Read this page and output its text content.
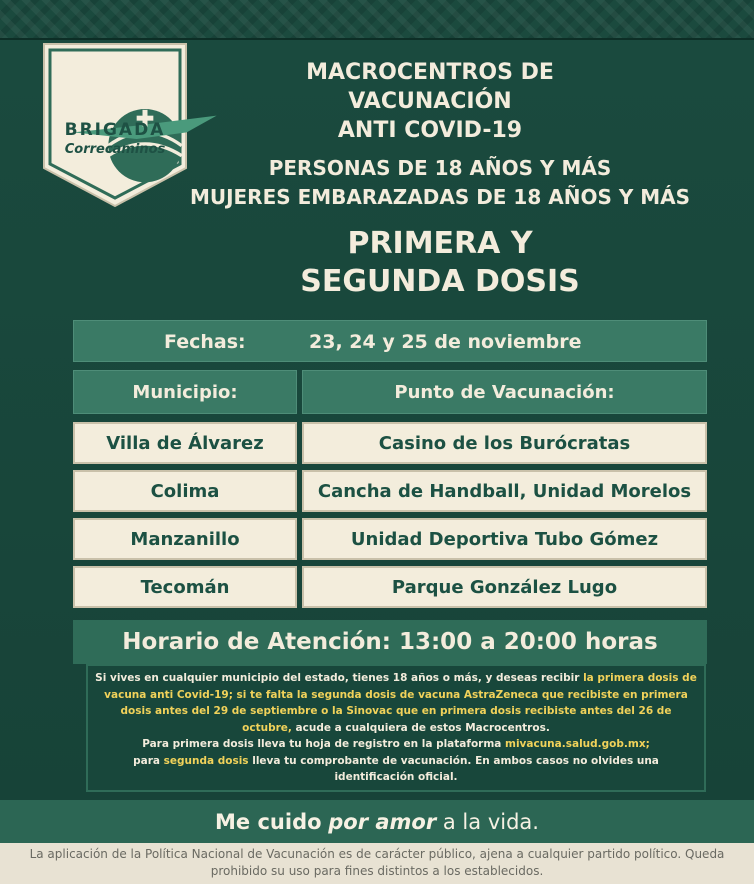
BRIGADA
Correcaminos
MACROCENTROS DE
VACUNACIÓN
ANTI COVID-19
PERSONAS DE 18 AÑOS Y MÁS
MUJERES EMBARAZADAS DE 18 AÑOS Y MÁS
PRIMERA Y
SEGUNDA DOSIS
Fechas:	23, 24 y 25 de noviembre
Municipio:	Punto de Vacunación:
Villa de Álvarez	Casino de los Burócratas
Colima	Cancha de Handball, Unidad Morelos
Manzanillo	Unidad Deportiva Tubo Gómez
Tecomán	Parque González Lugo
Horario de Atención: 13:00 a 20:00 horas
Si vives en cualquier municipio del estado, tienes 18 años o más, y deseas recibir la primera dosis de vacuna anti Covid-19; si te falta la segunda dosis de vacuna AstraZeneca que recibiste en primera dosis antes del 29 de septiembre o la Sinovac que en primera dosis recibiste antes del 26 de octubre, acude a cualquiera de estos Macrocentros.
Para primera dosis lleva tu hoja de registro en la plataforma mivacuna.salud.gob.mx;
para segunda dosis lleva tu comprobante de vacunación. En ambos casos no olvides una identificación oficial.
Me cuido
por amor
a la vida.
La aplicación de la Política Nacional de Vacunación es de carácter público, ajena a cualquier partido político. Queda prohibido su uso para fines distintos a los establecidos.
